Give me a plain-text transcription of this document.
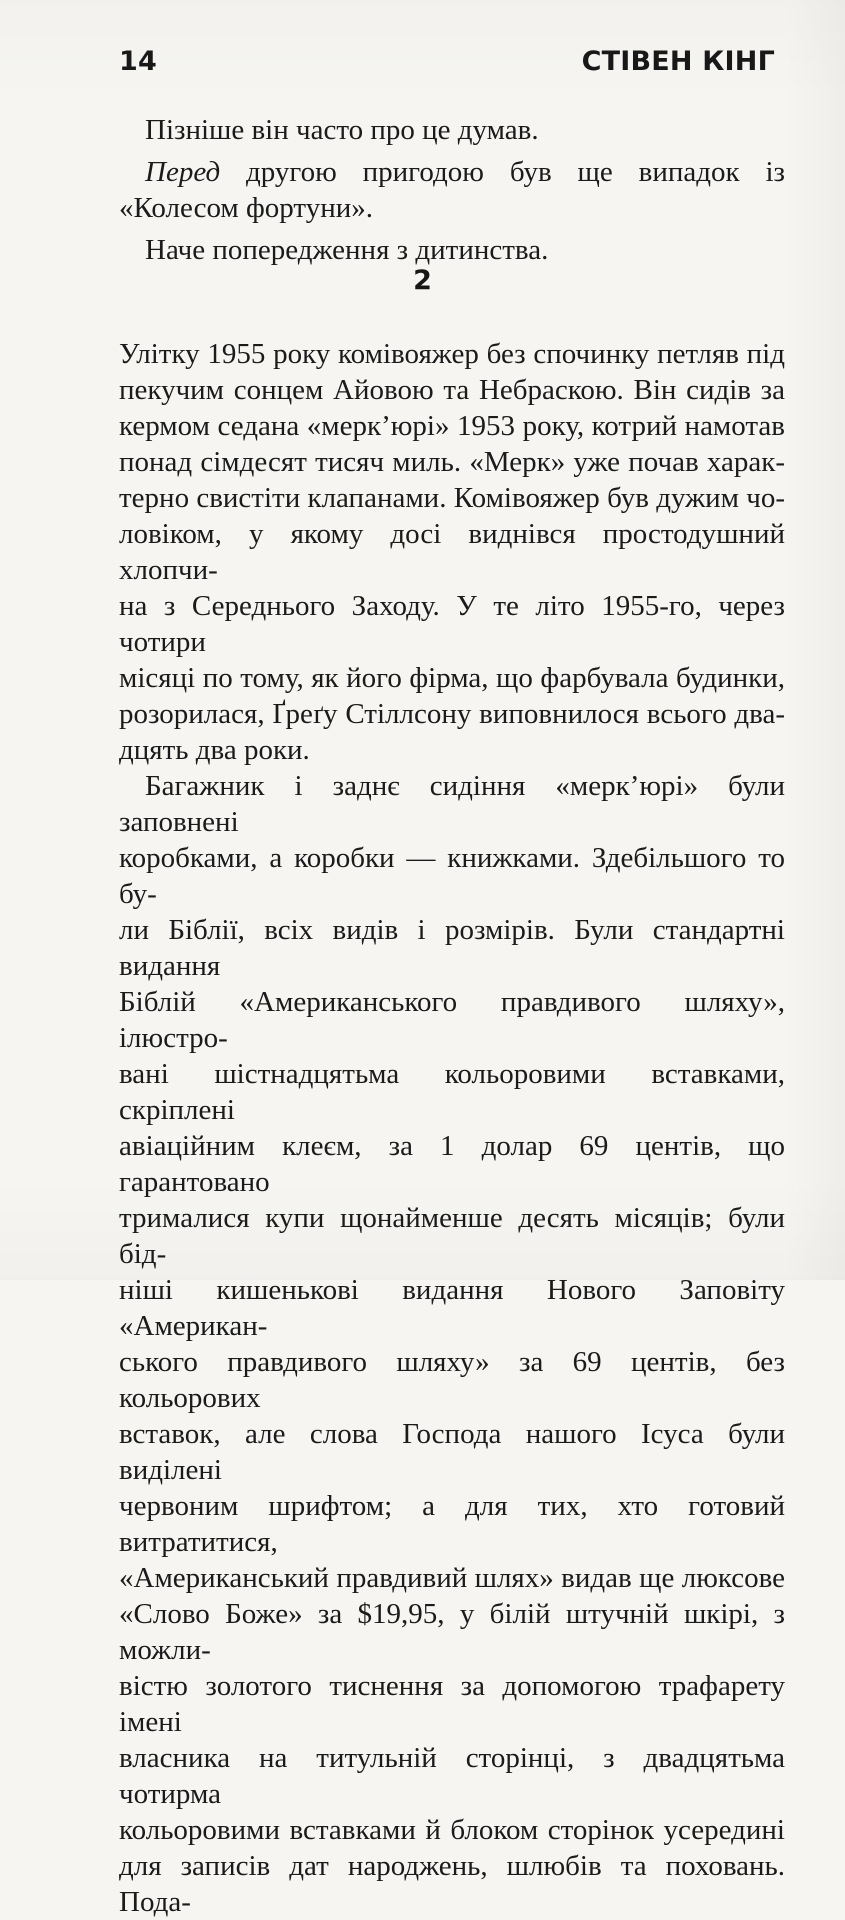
14	СТІВЕН КІНГ

Пізніше він часто про це думав.

Перед другою пригодою був ще випадок із «Колесом фортуни».

Наче попередження з дитинства.

2
Улітку 1955 року комівояжер без спочинку петляв під
пекучим сонцем Айовою та Небраскою. Він сидів за
кермом седана «мерк’юрі» 1953 року, котрий намотав
понад сімдесят тисяч миль. «Мерк» уже почав харак-
терно свистіти клапанами. Комівояжер був дужим чо-
ловіком, у якому досі виднівся простодушний хлопчи-
на з Середнього Заходу. У те літо 1955-го, через чотири
місяці по тому, як його фірма, що фарбувала будинки,
розорилася, Ґреґу Стіллсону виповнилося всього два-
дцять два роки.
Багажник і заднє сидіння «мерк’юрі» були заповнені
коробками, а коробки — книжками. Здебільшого то бу-
ли Біблії, всіх видів і розмірів. Були стандартні видання
Біблій «Американського правдивого шляху», ілюстро-
вані шістнадцятьма кольоровими вставками, скріплені
авіаційним клеєм, за 1 долар 69 центів, що гарантовано
трималися купи щонайменше десять місяців; були бід-
ніші кишенькові видання Нового Заповіту «Американ-
ського правдивого шляху» за 69 центів, без кольорових
вставок, але слова Господа нашого Ісуса були виділені
червоним шрифтом; а для тих, хто готовий витратитися,
«Американський правдивий шлях» видав ще люксове
«Слово Боже» за $19,95, у білій штучній шкірі, з можли-
вістю золотого тиснення за допомогою трафарету імені
власника на титульній сторінці, з двадцятьма чотирма
кольоровими вставками й блоком сторінок усередині
для записів дат народжень, шлюбів та поховань. Пода-
